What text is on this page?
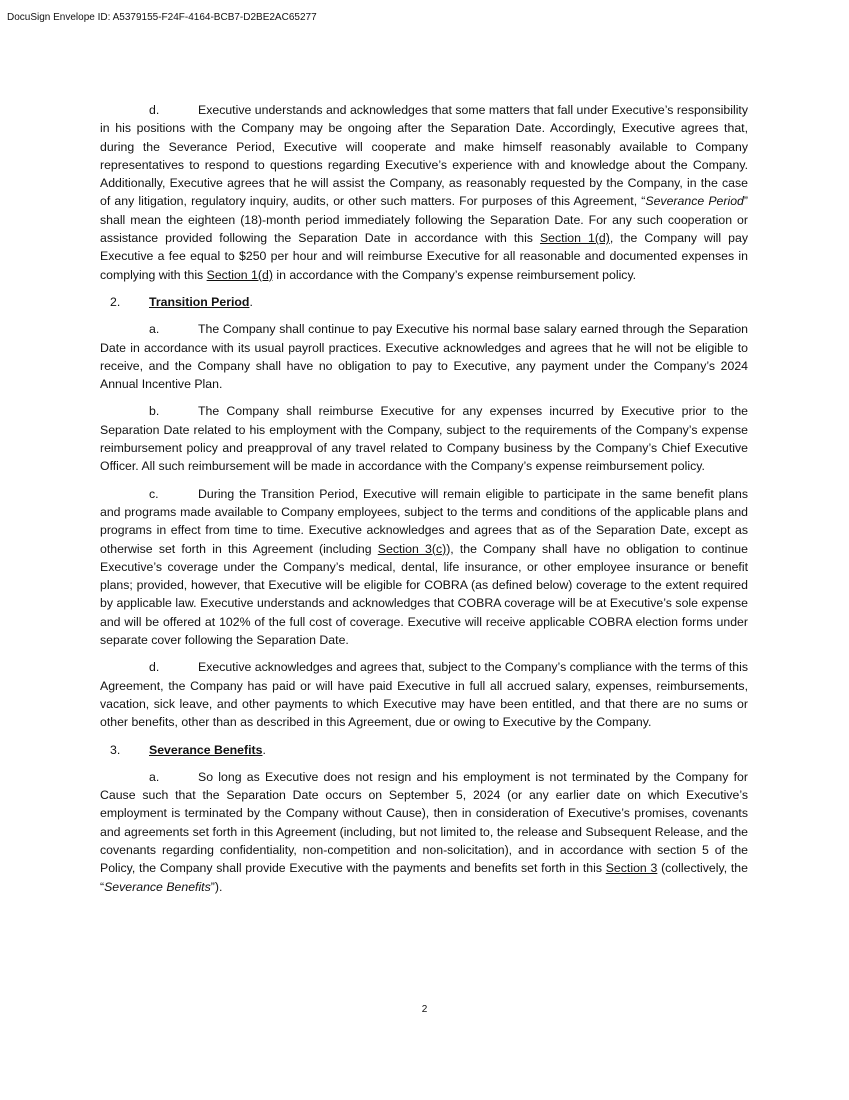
DocuSign Envelope ID: A5379155-F24F-4164-BCB7-D2BE2AC65277

d.	Executive understands and acknowledges that some matters that fall under Executive’s responsibility in his positions with the Company may be ongoing after the Separation Date. Accordingly, Executive agrees that, during the Severance Period, Executive will cooperate and make himself reasonably available to Company representatives to respond to questions regarding Executive’s experience with and knowledge about the Company. Additionally, Executive agrees that he will assist the Company, as reasonably requested by the Company, in the case of any litigation, regulatory inquiry, audits, or other such matters. For purposes of this Agreement, “Severance Period” shall mean the eighteen (18)-month period immediately following the Separation Date. For any such cooperation or assistance provided following the Separation Date in accordance with this Section 1(d), the Company will pay Executive a fee equal to $250 per hour and will reimburse Executive for all reasonable and documented expenses in complying with this Section 1(d) in accordance with the Company’s expense reimbursement policy.

2. Transition Period.

a.	The Company shall continue to pay Executive his normal base salary earned through the Separation Date in accordance with its usual payroll practices. Executive acknowledges and agrees that he will not be eligible to receive, and the Company shall have no obligation to pay to Executive, any payment under the Company’s 2024 Annual Incentive Plan.

b.	The Company shall reimburse Executive for any expenses incurred by Executive prior to the Separation Date related to his employment with the Company, subject to the requirements of the Company’s expense reimbursement policy and preapproval of any travel related to Company business by the Company’s Chief Executive Officer. All such reimbursement will be made in accordance with the Company’s expense reimbursement policy.

c.	During the Transition Period, Executive will remain eligible to participate in the same benefit plans and programs made available to Company employees, subject to the terms and conditions of the applicable plans and programs in effect from time to time. Executive acknowledges and agrees that as of the Separation Date, except as otherwise set forth in this Agreement (including Section 3(c)), the Company shall have no obligation to continue Executive’s coverage under the Company’s medical, dental, life insurance, or other employee insurance or benefit plans; provided, however, that Executive will be eligible for COBRA (as defined below) coverage to the extent required by applicable law. Executive understands and acknowledges that COBRA coverage will be at Executive’s sole expense and will be offered at 102% of the full cost of coverage. Executive will receive applicable COBRA election forms under separate cover following the Separation Date.

d.	Executive acknowledges and agrees that, subject to the Company’s compliance with the terms of this Agreement, the Company has paid or will have paid Executive in full all accrued salary, expenses, reimbursements, vacation, sick leave, and other payments to which Executive may have been entitled, and that there are no sums or other benefits, other than as described in this Agreement, due or owing to Executive by the Company.

3. Severance Benefits.

a.	So long as Executive does not resign and his employment is not terminated by the Company for Cause such that the Separation Date occurs on September 5, 2024 (or any earlier date on which Executive’s employment is terminated by the Company without Cause), then in consideration of Executive’s promises, covenants and agreements set forth in this Agreement (including, but not limited to, the release and Subsequent Release, and the covenants regarding confidentiality, non-competition and non-solicitation), and in accordance with section 5 of the Policy, the Company shall provide Executive with the payments and benefits set forth in this Section 3 (collectively, the “Severance Benefits”).

2
